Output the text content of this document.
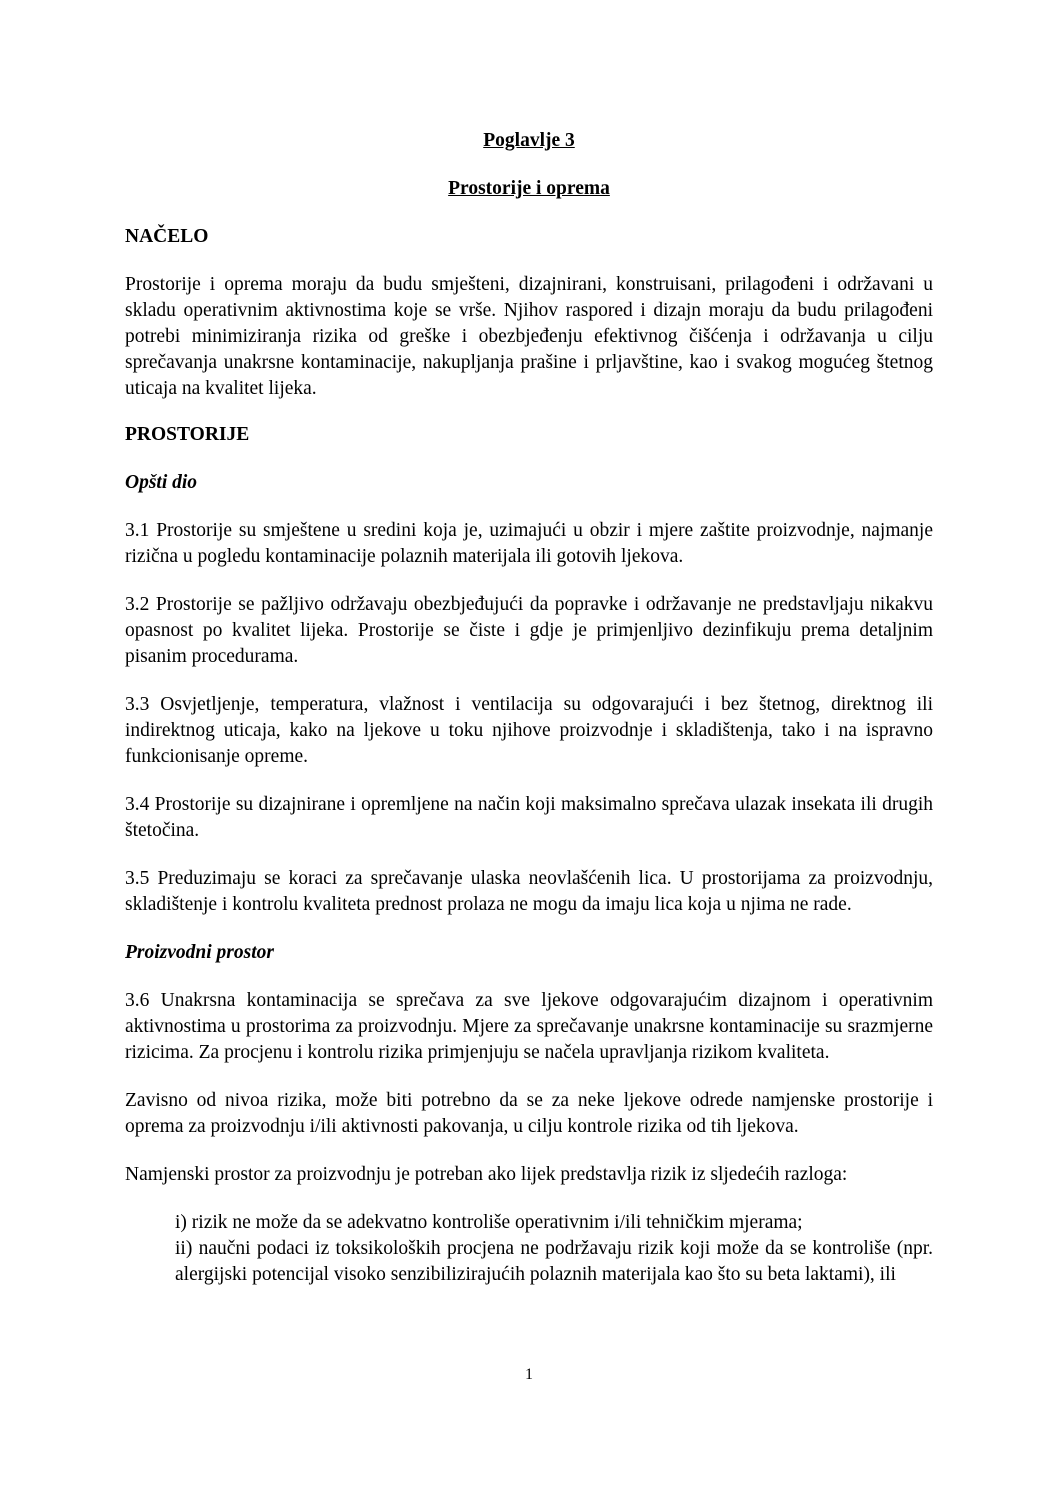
Poglavlje 3

Prostorije i oprema

NAČELO

Prostorije i oprema moraju da budu smješteni, dizajnirani, konstruisani, prilagođeni i održavani u skladu operativnim aktivnostima koje se vrše. Njihov raspored i dizajn moraju da budu prilagođeni potrebi minimiziranja rizika od greške i obezbjeđenju efektivnog čišćenja i održavanja u cilju sprečavanja unakrsne kontaminacije, nakupljanja prašine i prljavštine, kao i svakog mogućeg štetnog uticaja na kvalitet lijeka.

PROSTORIJE

Opšti dio

3.1 Prostorije su smještene u sredini koja je, uzimajući u obzir i mjere zaštite proizvodnje, najmanje rizična u pogledu kontaminacije polaznih materijala ili gotovih ljekova.

3.2 Prostorije se pažljivo održavaju obezbjeđujući da popravke i održavanje ne predstavljaju nikakvu opasnost po kvalitet lijeka. Prostorije se čiste i gdje je primjenljivo dezinfikuju prema detaljnim pisanim procedurama.

3.3 Osvjetljenje, temperatura, vlažnost i ventilacija su odgovarajući i bez štetnog, direktnog ili indirektnog uticaja, kako na ljekove u toku njihove proizvodnje i skladištenja, tako i na ispravno funkcionisanje opreme.

3.4 Prostorije su dizajnirane i opremljene na način koji maksimalno sprečava ulazak insekata ili drugih štetočina.

3.5 Preduzimaju se koraci za sprečavanje ulaska neovlašćenih lica. U prostorijama za proizvodnju, skladištenje i kontrolu kvaliteta prednost prolaza ne mogu da imaju lica koja u njima ne rade.

Proizvodni prostor

3.6 Unakrsna kontaminacija se sprečava za sve ljekove odgovarajućim dizajnom i operativnim aktivnostima u prostorima za proizvodnju. Mjere za sprečavanje unakrsne kontaminacije su srazmjerne rizicima. Za procjenu i kontrolu rizika primjenjuju se načela upravljanja rizikom kvaliteta.

Zavisno od nivoa rizika, može biti potrebno da se za neke ljekove odrede namjenske prostorije i oprema za proizvodnju i/ili aktivnosti pakovanja, u cilju kontrole rizika od tih ljekova.

Namjenski prostor za proizvodnju je potreban ako lijek predstavlja rizik iz sljedećih razloga:

i) rizik ne može da se adekvatno kontroliše operativnim i/ili tehničkim mjerama;

ii) naučni podaci iz toksikoloških procjena ne podržavaju rizik koji može da se kontroliše (npr. alergijski potencijal visoko senzibilizirajućih polaznih materijala kao što su beta laktami), ili

1
